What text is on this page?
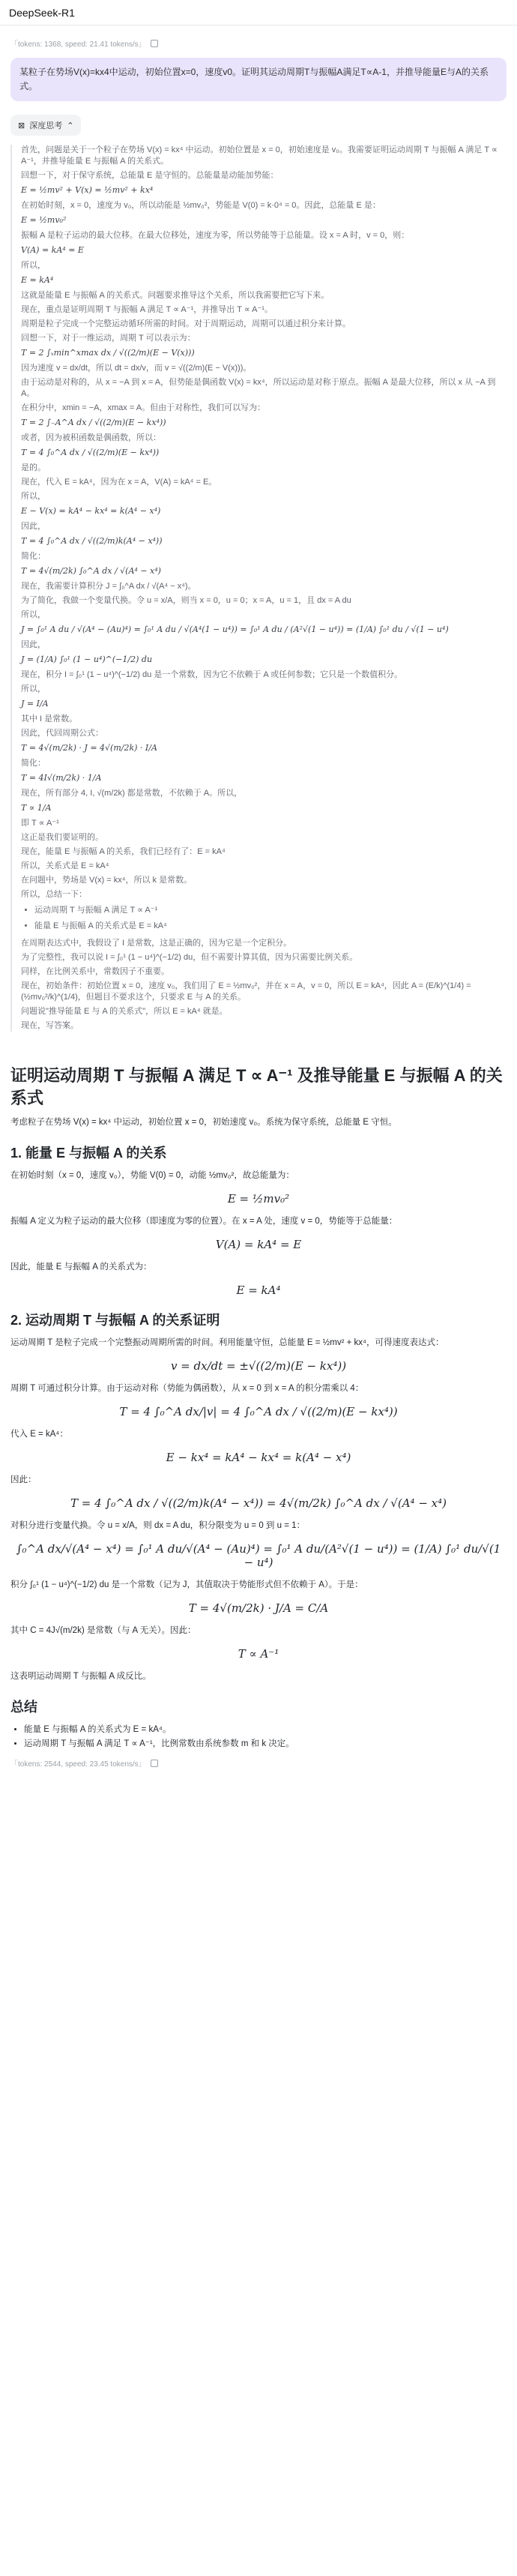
DeepSeek-R1
「tokens: 1368, speed: 21.41 tokens/s」
某粒子在势场V(x)=kx4中运动，初始位置x=0，速度v0。证明其运动周期T与振幅A满足T∝A-1，并推导能量E与A的关系式。
⊠ 深度思考 ⌃

首先，问题是关于一个粒子在势场 V(x) = kx⁴ 中运动。初始位置是 x = 0，初始速度是 v₀。我需要证明运动周期 T 与振幅 A 满足 T ∝ A⁻¹，并推导能量 E 与振幅 A 的关系式。

回想一下，对于保守系统，总能量 E 是守恒的。总能量是动能加势能：

E = ½mv² + V(x) = ½mv² + kx⁴

在初始时刻，x = 0，速度为 v₀，所以动能是 ½mv₀²，势能是 V(0) = k·0⁴ = 0。因此，总能量 E 是：

E = ½mv₀²

振幅 A 是粒子运动的最大位移。在最大位移处，速度为零，所以势能等于总能量。设 x = A 时，v = 0，则：

V(A) = kA⁴ = E

所以，

E = kA⁴

这就是能量 E 与振幅 A 的关系式。问题要求推导这个关系，所以我需要把它写下来。

现在，重点是证明周期 T 与振幅 A 满足 T ∝ A⁻¹，并推导出 T ∝ A⁻¹。

周期是粒子完成一个完整运动循环所需的时间。对于周期运动，周期可以通过积分来计算。

回想一下，对于一维运动，周期 T 可以表示为：

T = 2 ∫ₓmin^xmax dx / √((2/m)(E − V(x)))

因为速度 v = dx/dt，所以 dt = dx/v，而 v = √((2/m)(E − V(x)))。

由于运动是对称的，从 x = −A 到 x = A，但势能是偶函数 V(x) = kx⁴，所以运动是对称于原点。振幅 A 是最大位移，所以 x 从 −A 到 A。

在积分中，xmin = −A，xmax = A。但由于对称性，我们可以写为：

T = 2 ∫₋A^A dx / √((2/m)(E − kx⁴))

或者，因为被积函数是偶函数，所以：

T = 4 ∫₀^A dx / √((2/m)(E − kx⁴))

是的。

现在，代入 E = kA⁴，因为在 x = A，V(A) = kA⁴ = E。

所以，

E − V(x) = kA⁴ − kx⁴ = k(A⁴ − x⁴)

因此，

T = 4 ∫₀^A dx / √((2/m)k(A⁴ − x⁴))

简化：

T = 4√(m/2k) ∫₀^A dx / √(A⁴ − x⁴)

现在，我需要计算积分 J = ∫₀^A dx / √(A⁴ − x⁴)。

为了简化，我做一个变量代换。令 u = x/A，则当 x = 0，u = 0；x = A，u = 1，且 dx = A du

所以，

J = ∫₀¹ A du / √(A⁴ − (Au)⁴) = ∫₀¹ A du / √(A⁴(1 − u⁴)) = ∫₀¹ A du / (A²√(1 − u⁴)) = (1/A) ∫₀¹ du / √(1 − u⁴)

因此，

J = (1/A) ∫₀¹ (1 − u⁴)^(−1/2) du

现在，积分 I = ∫₀¹ (1 − u⁴)^(−1/2) du 是一个常数，因为它不依赖于 A 或任何参数；它只是一个数值积分。

所以，

J = I/A

其中 I 是常数。

因此，代回周期公式：

T = 4√(m/2k) · J = 4√(m/2k) · I/A

简化：

T = 4I√(m/2k) · 1/A

现在，所有部分 4, I, √(m/2k) 都是常数，不依赖于 A。所以，

T ∝ 1/A

即 T ∝ A⁻¹

这正是我们要证明的。

现在，能量 E 与振幅 A 的关系，我们已经有了：E = kA⁴

所以，关系式是 E = kA⁴

在问题中，势场是 V(x) = kx⁴，所以 k 是常数。

所以，总结一下：

• 运动周期 T 与振幅 A 满足 T ∝ A⁻¹
• 能量 E 与振幅 A 的关系式是 E = kA⁴

在周期表达式中，我假设了 I 是常数，这是正确的，因为它是一个定积分。

为了完整性，我可以说 I = ∫₀¹ (1 − u⁴)^(−1/2) du，但不需要计算其值，因为只需要比例关系。

同样，在比例关系中，常数因子不重要。

现在，初始条件：初始位置 x = 0，速度 v₀，我们用了 E = ½mv₀²，并在 x = A，v = 0，所以 E = kA⁴，因此 A = (E/k)^(1/4) = (½mv₀²/k)^(1/4)，但题目不要求这个，只要求 E 与 A 的关系。

问题说"推导能量 E 与 A 的关系式"，所以 E = kA⁴ 就是。

现在，写答案。

证明运动周期 T 与振幅 A 满足 T ∝ A⁻¹ 及推导能量 E 与振幅 A 的关系式

考虑粒子在势场 V(x) = kx⁴ 中运动，初始位置 x = 0，初始速度 v₀。系统为保守系统，总能量 E 守恒。

1. 能量 E 与振幅 A 的关系

在初始时刻（x = 0，速度 v₀），势能 V(0) = 0，动能 ½mv₀²，故总能量为：

E = ½mv₀²

振幅 A 定义为粒子运动的最大位移（即速度为零的位置）。在 x = A 处，速度 v = 0，势能等于总能量：

V(A) = kA⁴ = E

因此，能量 E 与振幅 A 的关系式为：

E = kA⁴
2. 运动周期 T 与振幅 A 的关系证明

运动周期 T 是粒子完成一个完整振动周期所需的时间。利用能量守恒，总能量 E = ½mv² + kx⁴，可得速度表达式：

v = dx/dt = ±√((2/m)(E − kx⁴))

周期 T 可通过积分计算。由于运动对称（势能为偶函数），从 x = 0 到 x = A 的积分需乘以 4：

T = 4 ∫₀^A dx/|v| = 4 ∫₀^A dx / √((2/m)(E − kx⁴))

代入 E = kA⁴：

E − kx⁴ = kA⁴ − kx⁴ = k(A⁴ − x⁴)

因此：

T = 4 ∫₀^A dx / √((2/m)k(A⁴ − x⁴)) = 4√(m/2k) ∫₀^A dx / √(A⁴ − x⁴)

对积分进行变量代换。令 u = x/A，则 dx = A du，积分限变为 u = 0 到 u = 1：

∫₀^A dx/√(A⁴ − x⁴) = ∫₀¹ A du/√(A⁴ − (Au)⁴) = ∫₀¹ A du/(A²√(1 − u⁴)) = (1/A) ∫₀¹ du/√(1 − u⁴)

积分 ∫₀¹ (1 − u⁴)^(−1/2) du 是一个常数（记为 J，其值取决于势能形式但不依赖于 A）。于是：

T = 4√(m/2k) · J/A = C/A

其中 C = 4J√(m/2k) 是常数（与 A 无关）。因此：

T ∝ A⁻¹

这表明运动周期 T 与振幅 A 成反比。

总结
• 能量 E 与振幅 A 的关系式为 E = kA⁴。
• 运动周期 T 与振幅 A 满足 T ∝ A⁻¹，比例常数由系统参数 m 和 k 决定。
「tokens: 2544, speed: 23.45 tokens/s」
